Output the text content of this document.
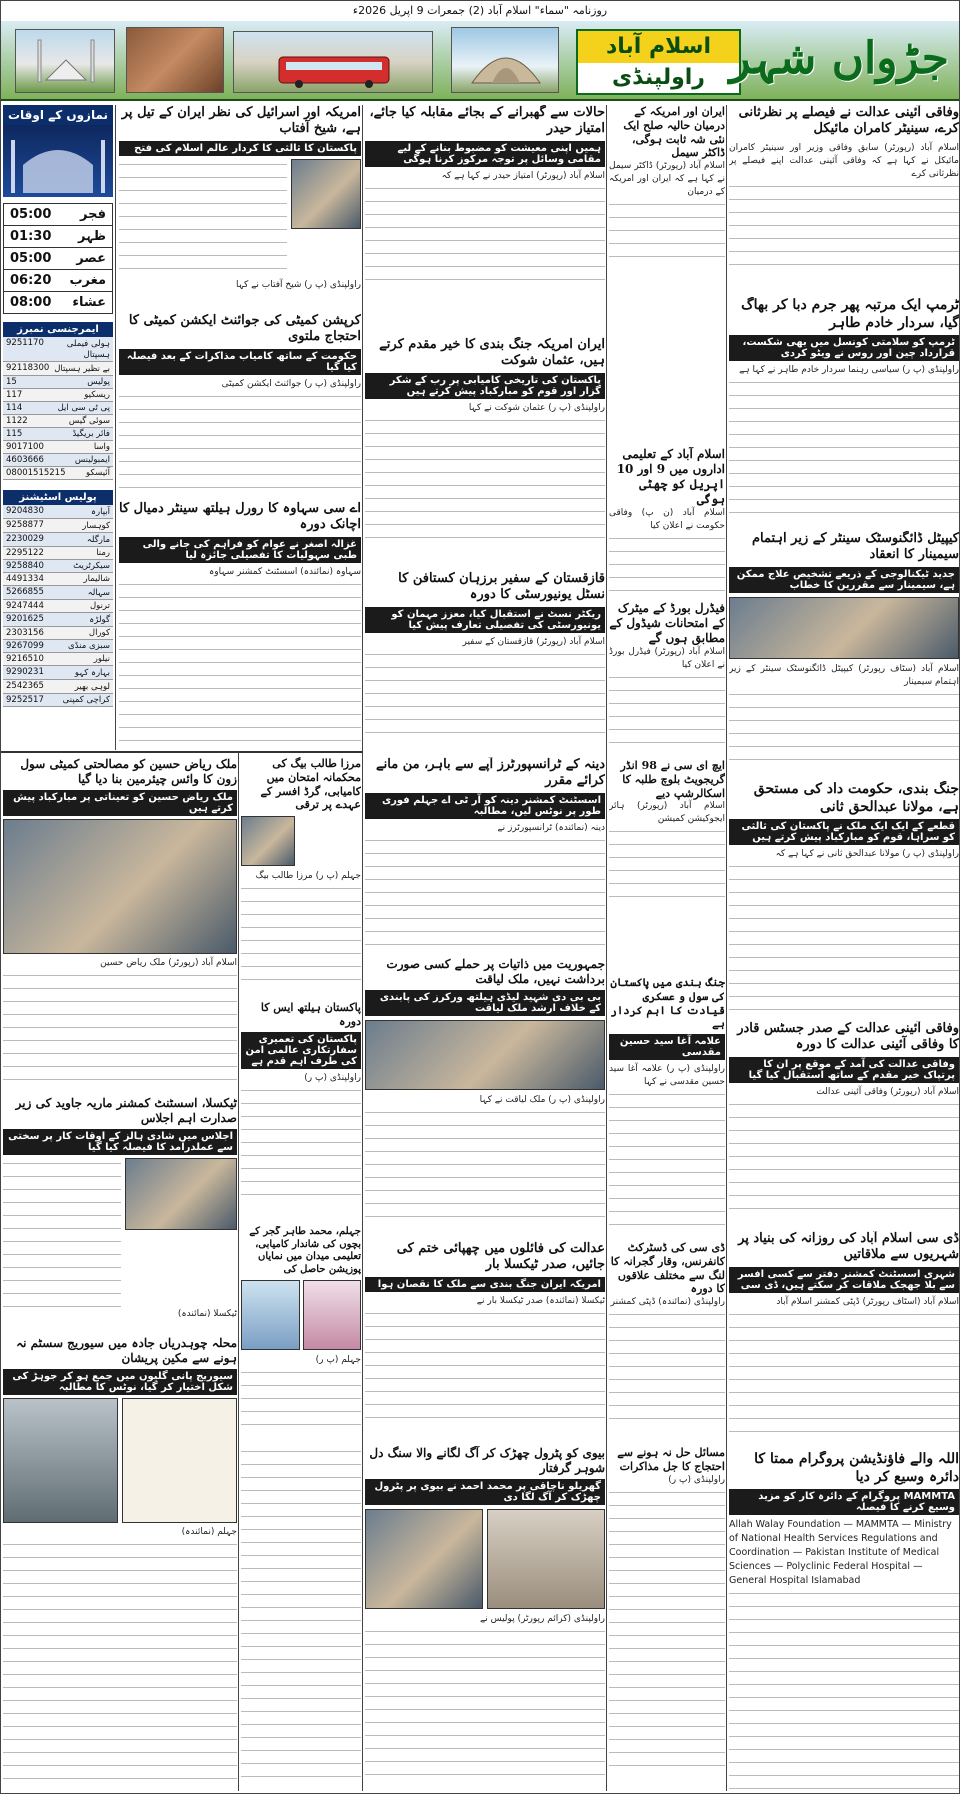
روزنامہ "سماء" اسلام آباد (2) جمعرات 9 اپریل 2026ء
اسلام آباد
راولپنڈی جڑواں شہر
نمازوں کے اوقات
05:00 فجر
01:30 ظہر
05:00 عصر
06:20 مغرب
08:00 عشاء
ایمرجنسی نمبرز
9251170	ہولی فیملی ہسپتال
92118300 بے نظیر ہسپتال
15	پولیس
117	ریسکیو
114	پی ٹی سی ایل
1122	سوئی گیس
115	فائر بریگیڈ
9017100	واسا
4603666	ایمبولینس
08001515215 آئیسکو
پولیس اسٹیشنز
9204830	آبپارہ
9258877	کوہسار
2230029	مارگلہ
2295122	رمنا
9258840	سیکرٹریٹ
4491334	شالیمار
5266855	سہالہ
9247444	ترنول
9201625	گولڑہ
2303156	کورال
9267099	سبزی منڈی
9216510	نیلور
9290231	بہارہ کہو
2542365	لوہی بھیر
9252517 کراچی کمپنی
وفاقی آئینی عدالت نے فیصلے پر نظرثانی کرے، سینیٹر کامران مائیکل
اسلام آباد (رپورٹر) سابق وفاقی وزیر اور سینیٹر کامران مائیکل نے کہا ہے کہ وفاقی آئینی عدالت اپنے فیصلے پر نظرثانی کرے
ٹرمپ ایک مرتبہ پھر جرم دبا کر بھاگ گیا، سردار خادم طاہر
ٹرمپ کو سلامتی کونسل میں بھی شکست، قرارداد چین اور روس نے ویٹو کردی
راولپنڈی (پ ر) سیاسی رہنما سردار خادم طاہر نے کہا ہے
کیپیٹل ڈائگنوسٹک سینٹر کے زیر اہتمام سیمینار کا انعقاد
جدید ٹیکنالوجی کے ذریعے تشخیص علاج ممکن ہے، سیمینار سے مقررین کا خطاب
اسلام آباد (سٹاف رپورٹر) کیپیٹل ڈائگنوسٹک سینٹر کے زیر اہتمام سیمینار
جنگ بندی، حکومت داد کی مستحق ہے، مولانا عبدالحق ثانی
قطعے کے ایک ایک ملک نے پاکستان کی ثالثی کو سراہا، قوم کو مبارکباد پیش کرتے ہیں
راولپنڈی (پ ر) مولانا عبدالحق ثانی نے کہا ہے کہ
وفاقی آئینی عدالت کے صدر جسٹس قادر کا وفاقی آئینی عدالت کا دورہ
وفاقی عدالت کی آمد کے موقع پر ان کا پرتپاک خیر مقدم کے ساتھ استقبال کیا گیا
اسلام آباد (رپورٹر) وفاقی آئینی عدالت
ڈی سی اسلام آباد کی روزانہ کی بنیاد پر شہریوں سے ملاقاتیں
شہری اسسٹنٹ کمشنر دفتر سے کسی افسر سے بلا جھجک ملاقات کر سکتے ہیں، ڈی سی
اسلام آباد (اسٹاف رپورٹر) ڈپٹی کمشنر اسلام آباد
اللہ والے فاؤنڈیشن پروگرام ممتا کا دائرہ وسیع کر دیا
MAMMTA پروگرام کے دائرہ کار کو مزید وسیع کرنے کا فیصلہ
Allah Walay Foundation — MAMMTA — Ministry of National Health Services Regulations and Coordination — Pakistan Institute of Medical Sciences — Polyclinic Federal Hospital — General Hospital Islamabad
ایران اور امریکہ کے درمیان حالیہ صلح ایک نئی شہ ثابت ہوگی، ڈاکٹر سیمل
اسلام آباد (رپورٹر) ڈاکٹر سیمل نے کہا ہے کہ ایران اور امریکہ کے درمیان
اسلام آباد کے تعلیمی اداروں میں 9 اور 10 اپریل کو چھٹی ہوگی
اسلام آباد (ن پ) وفاقی حکومت نے اعلان کیا
فیڈرل بورڈ کے میٹرک کے امتحانات شیڈول کے مطابق ہوں گے
اسلام آباد (رپورٹر) فیڈرل بورڈ نے اعلان کیا
ایچ ای سی نے 98 انڈر گریجویٹ بلوچ طلبہ کا اسکالرشپ دیے
اسلام آباد (رپورٹر) ہائر ایجوکیشن کمیشن
جنگ بندی میں پاکستان کی سول و عسکری قیادت کا اہم کردار ہے
علامہ آغا سید حسین مقدسی
راولپنڈی (پ ر) علامہ آغا سید حسین مقدسی نے کہا
حالات سے گھبرانے کے بجائے مقابلہ کیا جائے، امتیاز حیدر
ہمیں اپنی معیشت کو مضبوط بنانے کے لیے مقامی وسائل پر توجہ مرکوز کرنا ہوگی
اسلام آباد (رپورٹر) امتیاز حیدر نے کہا ہے کہ
ایران امریکہ جنگ بندی کا خیر مقدم کرتے ہیں، عثمان شوکت
پاکستان کی تاریخی کامیابی پر رب کے شکر گزار اور قوم کو مبارکباد پیش کرتے ہیں
راولپنڈی (پ ر) عثمان شوکت نے کہا
قازقستان کے سفیر برزہان کستافن کا نسٹل یونیورسٹی کا دورہ
ریکٹر نسٹ نے استقبال کیا، معزز مہمان کو یونیورسٹی کی تفصیلی تعارف پیش کیا
اسلام آباد (رپورٹر) قازقستان کے سفیر
دینہ کے ٹرانسپورٹرز آپے سے باہر، من مانے کرائے مقرر
اسسٹنٹ کمشنر دینہ کو آر ٹی اے جہلم فوری طور پر نوٹس لیں، مطالبہ
دینہ (نمائندہ) ٹرانسپورٹرز نے
جمہوریت میں ذاتیات پر حملے کسی صورت برداشت نہیں، ملک لیاقت
بی بی دی شہید لیڈی ہیلتھ ورکرز کی پابندی کے خلاف ارشد ملک لیاقت
راولپنڈی (پ ر) ملک لیاقت نے کہا
عدالت کی فائلوں میں چھپائی ختم کی جائیں، صدر ٹیکسلا بار
امریکہ ایران جنگ بندی سے ملک کا نقصان ہوا
ٹیکسلا (نمائندہ) صدر ٹیکسلا بار نے
بیوی کو پٹرول چھڑک کر آگ لگانے والا سنگ دل شوہر گرفتار
گھریلو ناچاقی پر محمد احمد نے بیوی پر پٹرول چھڑک کر آگ لگا دی
راولپنڈی (کرائم رپورٹر) پولیس نے
ڈی سی کی ڈسٹرکٹ کانفرنس، وقار گجرانہ کا لنگ سے مختلف علاقوں کا دورہ
راولپنڈی (نمائندہ) ڈپٹی کمشنر
مسائل حل نہ ہونے سے احتجاج کا جل مذاکرات
راولپنڈی (پ ر)
امریکہ اور اسرائیل کی نظر ایران کے تیل پر ہے، شیخ آفتاب
پاکستان کا ثالثی کا کردار عالم اسلام کی فتح
راولپنڈی (پ ر) شیخ آفتاب نے کہا
کرپشن کمیٹی کی جوائنٹ ایکشن کمیٹی کا احتجاج ملتوی
حکومت کے ساتھ کامیاب مذاکرات کے بعد فیصلہ کیا گیا
راولپنڈی (پ ر) جوائنٹ ایکشن کمیٹی
اے سی سہاوہ کا رورل ہیلتھ سینٹر دمیال کا اچانک دورہ
غزالہ اصغر نے عوام کو فراہم کی جانے والی طبی سہولیات کا تفصیلی جائزہ لیا
سہاوہ (نمائندہ) اسسٹنٹ کمشنر سہاوہ
ملک ریاض حسین کو مصالحتی کمیٹی سول زون کا وائس چیئرمین بنا دیا گیا
ملک ریاض حسین کو تعیناتی پر مبارکباد پیش کرتے ہیں
اسلام آباد (رپورٹر) ملک ریاض حسین
مرزا طالب بیگ کی محکمانہ امتحان میں کامیابی، گرڈ افسر کے عہدے پر ترقی
جہلم (پ ر) مرزا طالب بیگ
پاکستان ہیلتھ ایس کا دورہ
پاکستان کی تعمیری سفارتکاری عالمی امن کی طرف اہم قدم ہے
راولپنڈی (پ ر)
ٹیکسلا، اسسٹنٹ کمشنر ماریہ جاوید کی زیر صدارت اہم اجلاس
اجلاس میں شادی ہالز کے اوقات کار پر سختی سے عملدرآمد کا فیصلہ کیا گیا
ٹیکسلا (نمائندہ)
جہلم، محمد طاہر گجر کے بچوں کی شاندار کامیابی، تعلیمی میدان میں نمایاں پوزیشن حاصل کی
جہلم (پ ر)
محلہ چوہدریاں جادہ میں سیوریج سسٹم نہ ہونے سے مکین پریشان
سیوریج پانی گلیوں میں جمع ہو کر جوہڑ کی شکل اختیار کر گیا، نوٹس کا مطالبہ
جہلم (نمائندہ)
